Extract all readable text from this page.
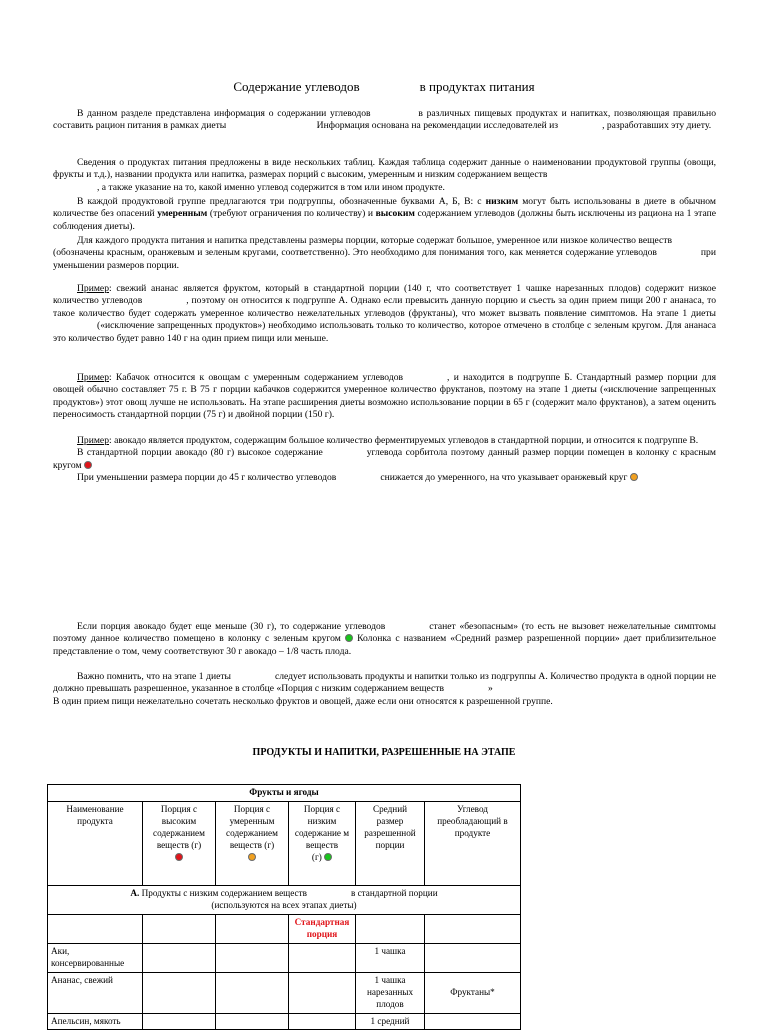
Содержание углеводов	в продуктах питания

В данном разделе представлена информация о содержании углеводов	в различных пищевых продуктах и напитках, позволяющая правильно составить рацион питания в рамках диеты	Информация основана на рекомендации исследователей из	, разработавших эту диету.

Сведения о продуктах питания предложены в виде нескольких таблиц. Каждая таблица содержит данные о наименовании продуктовой группы (овощи, фрукты и т.д.), названии продукта или напитка, размерах порций с высоким, умеренным и низким содержанием веществ
, а также указание на то, какой именно углевод содержится в том или ином продукте.

В каждой продуктовой группе предлагаются три подгруппы, обозначенные буквами А, Б, В: с низким могут быть использованы в диете в обычном количестве без опасений умеренным (требуют ограничения по количеству) и высоким содержанием углеводов (должны быть исключены из рациона на 1 этапе соблюдения диеты).

Для каждого продукта питания и напитка представлены размеры порции, которые содержат большое, умеренное или низкое количество веществ(обозначены красным, оранжевым и зеленым кругами, соответственно). Это необходимо для понимания того, как меняется содержание углеводов	при уменьшении размеров порции.

Пример: свежий ананас является фруктом, который в стандартной порции (140 г, что соответствует 1 чашке нарезанных плодов) содержит низкое количество углеводов	, поэтому он относится к подгруппе А. Однако если превысить данную порцию и съесть за один прием пищи 200 г ананаса, то такое количество будет содержать умеренное количество нежелательных углеводов (фруктаны), что может вызвать появление симптомов. На этапе 1 диеты(«исключение запрещенных продуктов») необходимо использовать только то количество, которое отмечено в столбце с зеленым кругом. Для ананаса это количество будет равно 140 г на один прием пищи или меньше.

Пример: Кабачок относится к овощам с умеренным содержанием углеводов	, и находится в подгруппе Б. Стандартный размер порции для овощей обычно составляет 75 г. В 75 г порции кабачков содержится умеренное количество фруктанов, поэтому на этапе 1 диеты («исключение запрещенных продуктов») этот овощ лучше не использовать. На этапе расширения диеты возможно использование порции в 65 г (содержит мало фруктанов), а затем оценить переносимость стандартной порции (75 г) и двойной порции (150 г).

Пример: авокадо является продуктом, содержащим большое количество ферментируемых углеводов в стандартной порции, и относится к подгруппе В.
В стандартной порции авокадо (80 г) высокое содержание	углевода сорбитола поэтому данный размер порции помещен в колонку с красным кругом
При уменьшении размера порции до 45 г количество углеводов	снижается до умеренного, на что указывает оранжевый круг

Если порция авокадо будет еще меньше (30 г), то содержание углеводов	станет «безопасным» (то есть не вызовет нежелательные симптомы поэтому данное количество помещено в колонку с зеленым кругом Колонка с названием «Средний размер разрешенной порции» дает приблизительное представление о том, чему соответствуют 30 г авокадо – 1/8 часть плода.

Важно помнить, что на этапе 1 диеты	следует использовать продукты и напитки только из подгруппы А. Количество продукта в одной порции не должно превышать разрешенное, указанное в столбце «Порция с низким содержанием веществ	»
В один прием пищи нежелательно сочетать несколько фруктов и овощей, даже если они относятся к разрешенной группе.

ПРОДУКТЫ И НАПИТКИ, РАЗРЕШЕННЫЕ НА ЭТАПЕ
Фрукты и ягоды					
Наименование продукта	Порция с высоким содержанием веществ (г)	Порция с умеренным содержанием веществ (г)	Порция с низким содержание м веществ
(г)	Средний размер разрешенной порции	Углевод преобладающий в продукте
А. Продукты с низким содержанием веществ в стандартной порции
(используются на всех этапах диеты)					
			Стандартная порция		
Аки, консервированные				1 чашка	
Ананас, свежий				1 чашка нарезанных плодов	Фруктаны*
Апельсин, мякоть				1 средний	
